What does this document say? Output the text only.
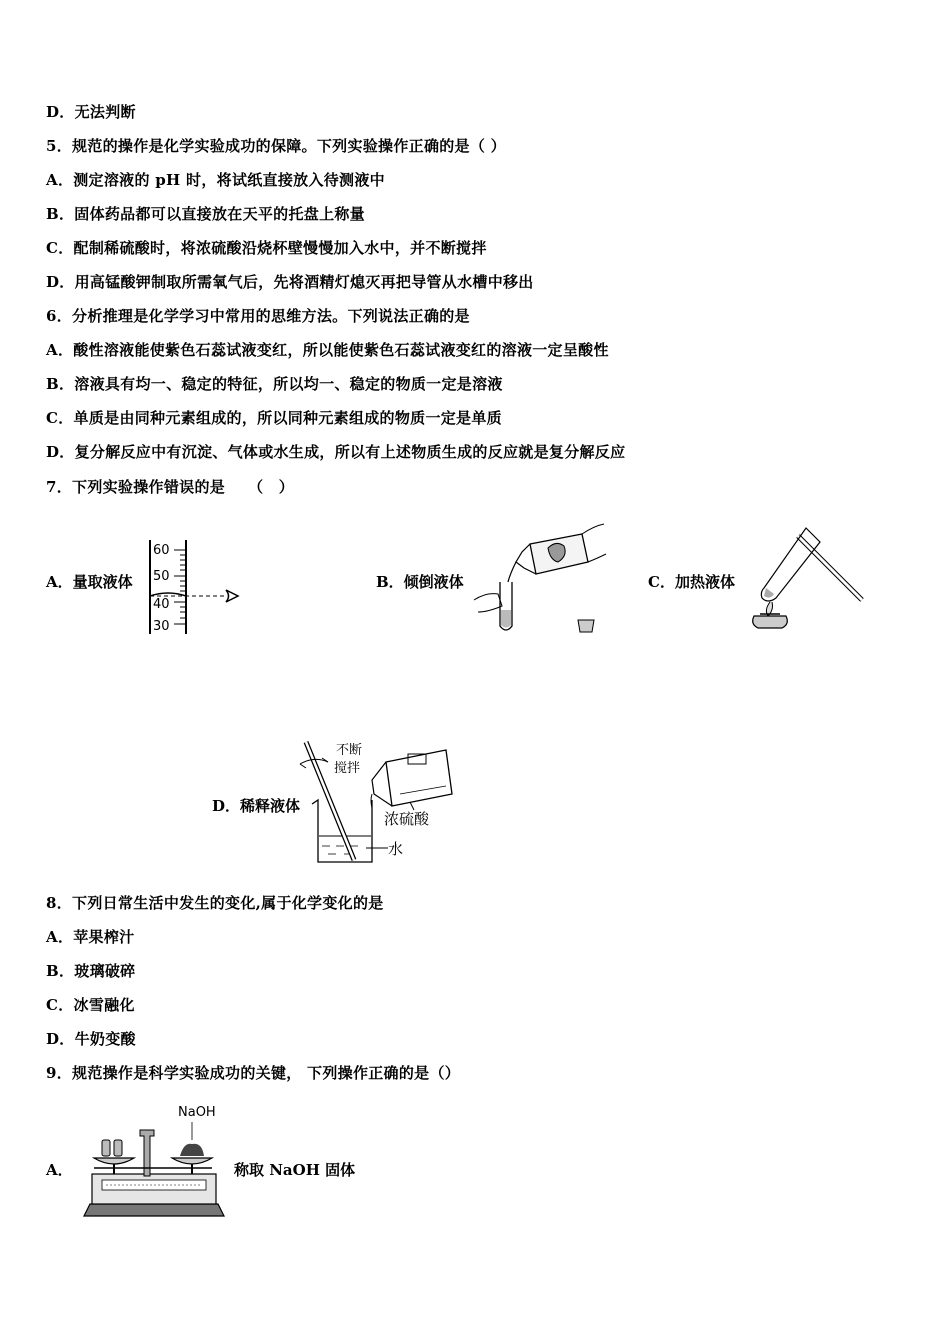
D．无法判断
5．规范的操作是化学实验成功的保障。下列实验操作正确的是（ ）
A．测定溶液的 pH 时，将试纸直接放入待测液中
B．固体药品都可以直接放在天平的托盘上称量
C．配制稀硫酸时，将浓硫酸沿烧杯壁慢慢加入水中，并不断搅拌
D．用高锰酸钾制取所需氧气后，先将酒精灯熄灭再把导管从水槽中移出
6．分析推理是化学学习中常用的思维方法。下列说法正确的是
A．酸性溶液能使紫色石蕊试液变红，所以能使紫色石蕊试液变红的溶液一定呈酸性
B．溶液具有均一、稳定的特征，所以均一、稳定的物质一定是溶液
C．单质是由同种元素组成的，所以同种元素组成的物质一定是单质
D．复分解反应中有沉淀、气体或水生成，所以有上述物质生成的反应就是复分解反应
7．下列实验操作错误的是　　（　）
A．量取液体
60
50
40
30
B．倾倒液体	C．加热液体
D．稀释液体
不断
搅拌
浓硫酸
水
8．下列日常生活中发生的变化,属于化学变化的是
A．苹果榨汁
B．玻璃破碎
C．冰雪融化
D．牛奶变酸
9．规范操作是科学实验成功的关键， 下列操作正确的是（）
A．
NaOH
称取 NaOH 固体
